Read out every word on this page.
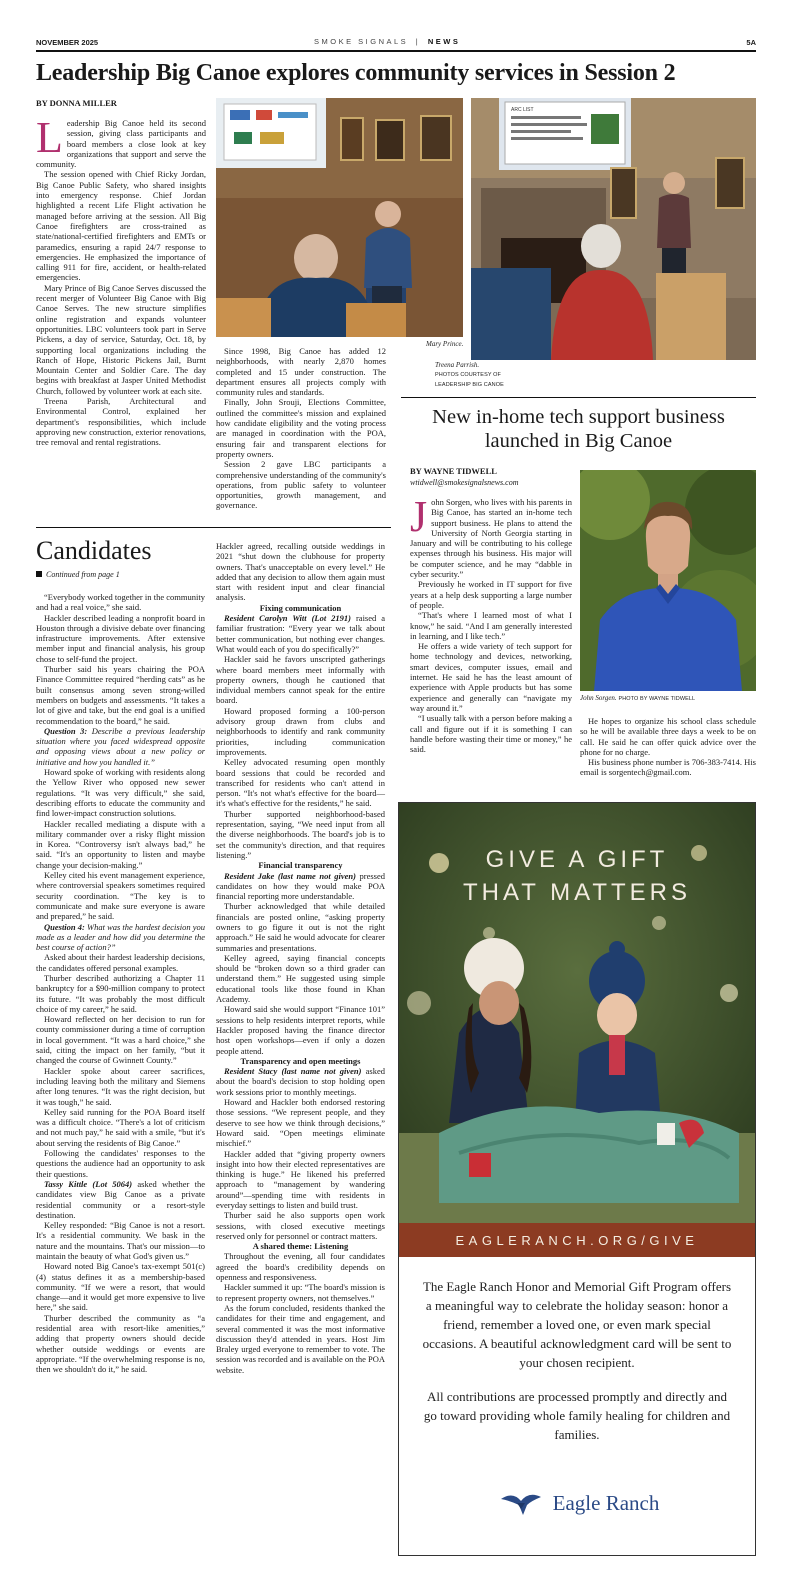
NOVEMBER 2025	SMOKE SIGNALS | NEWS	5A
Leadership Big Canoe explores community services in Session 2
BY DONNA MILLER
L eadership Big Canoe held its second session, giving class participants and board members a close look at key organizations that support and serve the community.

The session opened with Chief Ricky Jordan, Big Canoe Public Safety, who shared insights into emergency response. Chief Jordan highlighted a recent Life Flight activation he managed before arriving at the session. All Big Canoe firefighters are cross-trained as state/national-certified firefighters and EMTs or paramedics, ensuring a rapid 24/7 response to emergencies. He emphasized the importance of calling 911 for fire, accident, or health-related emergencies.

Mary Prince of Big Canoe Serves discussed the recent merger of Volunteer Big Canoe with Big Canoe Serves. The new structure simplifies online registration and expands volunteer opportunities. LBC volunteers took part in Serve Pickens, a day of service, Saturday, Oct. 18, by supporting local organizations including the Ranch of Hope, Historic Pickens Jail, Burnt Mountain Center and Soldier Care. The day begins with breakfast at Jasper United Methodist Church, followed by volunteer work at each site.

Treena Parish, Architectural and Environmental Control, explained her department's responsibilities, which include approving new construction, exterior renovations, tree removal and rental registrations.

ARC LIST
Mary Prince.
Treena Parrish.
PHOTOS COURTESY OF
LEADERSHIP BIG CANOE

Since 1998, Big Canoe has added 12 neighborhoods, with nearly 2,870 homes completed and 15 under construction. The department ensures all projects comply with community rules and standards.

Finally, John Srouji, Elections Committee, outlined the committee's mission and explained how candidate eligibility and the voting process are managed in coordination with the POA, ensuring fair and transparent elections for property owners.

Session 2 gave LBC participants a comprehensive understanding of the community's operations, from public safety to volunteer opportunities, growth management, and governance.

Candidates
Continued from page 1

“Everybody worked together in the community and had a real voice,” she said.

Hackler described leading a nonprofit board in Houston through a divisive debate over financing infrastructure improvements. After extensive member input and financial analysis, his group chose to self-fund the project.

Thurber said his years chairing the POA Finance Committee required “herding cats” as he built consensus among seven strong-willed members on budgets and assessments. “It takes a lot of give and take, but the end goal is a unified recommendation to the board,” he said.

Question 3: Describe a previous leadership situation where you faced widespread opposite and opposing views about a new policy or initiative and how you handled it.”

Howard spoke of working with residents along the Yellow River who opposed new sewer regulations. “It was very difficult,” she said, describing efforts to educate the community and find lower-impact construction solutions.

Hackler recalled mediating a dispute with a military commander over a risky flight mission in Korea. “Controversy isn't always bad,” he said. “It's an opportunity to listen and maybe change your decision-making.”

Kelley cited his event management experience, where controversial speakers sometimes required security coordination. “The key is to communicate and make sure everyone is aware and prepared,” he said.

Question 4: What was the hardest decision you made as a leader and how did you determine the best course of action?”

Asked about their hardest leadership decisions, the candidates offered personal examples.

Thurber described authorizing a Chapter 11 bankruptcy for a $90-million company to protect its future. “It was probably the most difficult choice of my career,” he said.

Howard reflected on her decision to run for county commissioner during a time of corruption in local government. “It was a hard choice,” she said, citing the impact on her family, “but it changed the course of Gwinnett County.”

Hackler spoke about career sacrifices, including leaving both the military and Siemens after long tenures. “It was the right decision, but it was tough,” he said.

Kelley said running for the POA Board itself was a difficult choice. “There's a lot of criticism and not much pay,” he said with a smile, “but it's about serving the residents of Big Canoe.”

Following the candidates' responses to the questions the audience had an opportunity to ask their questions.

Tassy Kittle (Lot 5064) asked whether the candidates view Big Canoe as a private residential community or a resort-style destination.

Kelley responded: “Big Canoe is not a resort. It's a residential community. We bask in the nature and the mountains. That's our mission—to maintain the beauty of what God's given us.”

Howard noted Big Canoe's tax-exempt 501(c)(4) status defines it as a membership-based community. “If we were a resort, that would change—and it would get more expensive to live here,” she said.

Thurber described the community as “a residential area with resort-like amenities,” adding that property owners should decide whether outside weddings or events are appropriate. “If the overwhelming response is no, then we shouldn't do it,” he said.

Hackler agreed, recalling outside weddings in 2021 “shut down the clubhouse for property owners. That's unacceptable on every level.” He added that any decision to allow them again must start with resident input and clear financial analysis.

Fixing communication

Resident Carolyn Witt (Lot 2191) raised a familiar frustration: “Every year we talk about better communication, but nothing ever changes. What would each of you do specifically?”

Hackler said he favors unscripted gatherings where board members meet informally with property owners, though he cautioned that individual members cannot speak for the entire board.

Howard proposed forming a 100-person advisory group drawn from clubs and neighborhoods to identify and rank community priorities, including communication improvements.

Kelley advocated resuming open monthly board sessions that could be recorded and transcribed for residents who can't attend in person. “It's not what's effective for the board—it's what's effective for the residents,” he said.

Thurber supported neighborhood-based representation, saying, “We need input from all the diverse neighborhoods. The board's job is to set the community's direction, and that requires listening.”

Financial transparency

Resident Jake (last name not given) pressed candidates on how they would make POA financial reporting more understandable.

Thurber acknowledged that while detailed financials are posted online, “asking property owners to go figure it out is not the right approach.” He said he would advocate for clearer summaries and presentations.

Kelley agreed, saying financial concepts should be “broken down so a third grader can understand them.” He suggested using simple educational tools like those found in Khan Academy.

Howard said she would support “Finance 101” sessions to help residents interpret reports, while Hackler proposed having the finance director host open workshops—even if only a dozen people attend.

Transparency and open meetings

Resident Stacy (last name not given) asked about the board's decision to stop holding open work sessions prior to monthly meetings.

Howard and Hackler both endorsed restoring those sessions. “We represent people, and they deserve to see how we think through decisions,” Howard said. “Open meetings eliminate mischief.”

Hackler added that “giving property owners insight into how their elected representatives are thinking is huge.” He likened his preferred approach to “management by wandering around”—spending time with residents in everyday settings to listen and build trust.

Thurber said he also supports open work sessions, with closed executive meetings reserved only for personnel or contract matters.

A shared theme: Listening

Throughout the evening, all four candidates agreed the board's credibility depends on openness and responsiveness.

Hackler summed it up: “The board's mission is to represent property owners, not themselves.”

As the forum concluded, residents thanked the candidates for their time and engagement, and several commented it was the most informative discussion they'd attended in years. Host Jim Braley urged everyone to remember to vote. The session was recorded and is available on the POA website.

New in-home tech support business
launched in Big Canoe
BY WAYNE TIDWELL
wtidwell@smokesignalsnews.com
J ohn Sorgen, who lives with his parents in Big Canoe, has started an in-home tech support business. He plans to attend the University of North Georgia starting in January and will be contributing to his college expenses through his business. His major will be computer science, and he may “dabble in cyber security.”

Previously he worked in IT support for five years at a help desk supporting a large number of people.

“That's where I learned most of what I know,” he said. “And I am generally interested in learning, and I like tech.”

He offers a wide variety of tech support for home technology and devices, networking, smart devices, computer issues, email and internet. He said he has the least amount of experience with Apple products but has some experience and generally can “navigate my way around it.”

“I usually talk with a person before making a call and figure out if it is something I can handle before wasting their time or money,” he said.

John Sorgen. PHOTO BY WAYNE TIDWELL

He hopes to organize his school class schedule so he will be available three days a week to be on call. He said he can offer quick advice over the phone for no charge.

His business phone number is 706-383-7414. His email is sorgentech@gmail.com.

GIVE A GIFT
THAT MATTERS
EAGLERANCH.ORG/GIVE
The Eagle Ranch Honor and Memorial Gift Program offers a meaningful way to celebrate the holiday season: honor a friend, remember a loved one, or even mark special occasions. A beautiful acknowledgment card will be sent to your chosen recipient.
All contributions are processed promptly and directly and go toward providing whole family healing for children and families.
Eagle Ranch
